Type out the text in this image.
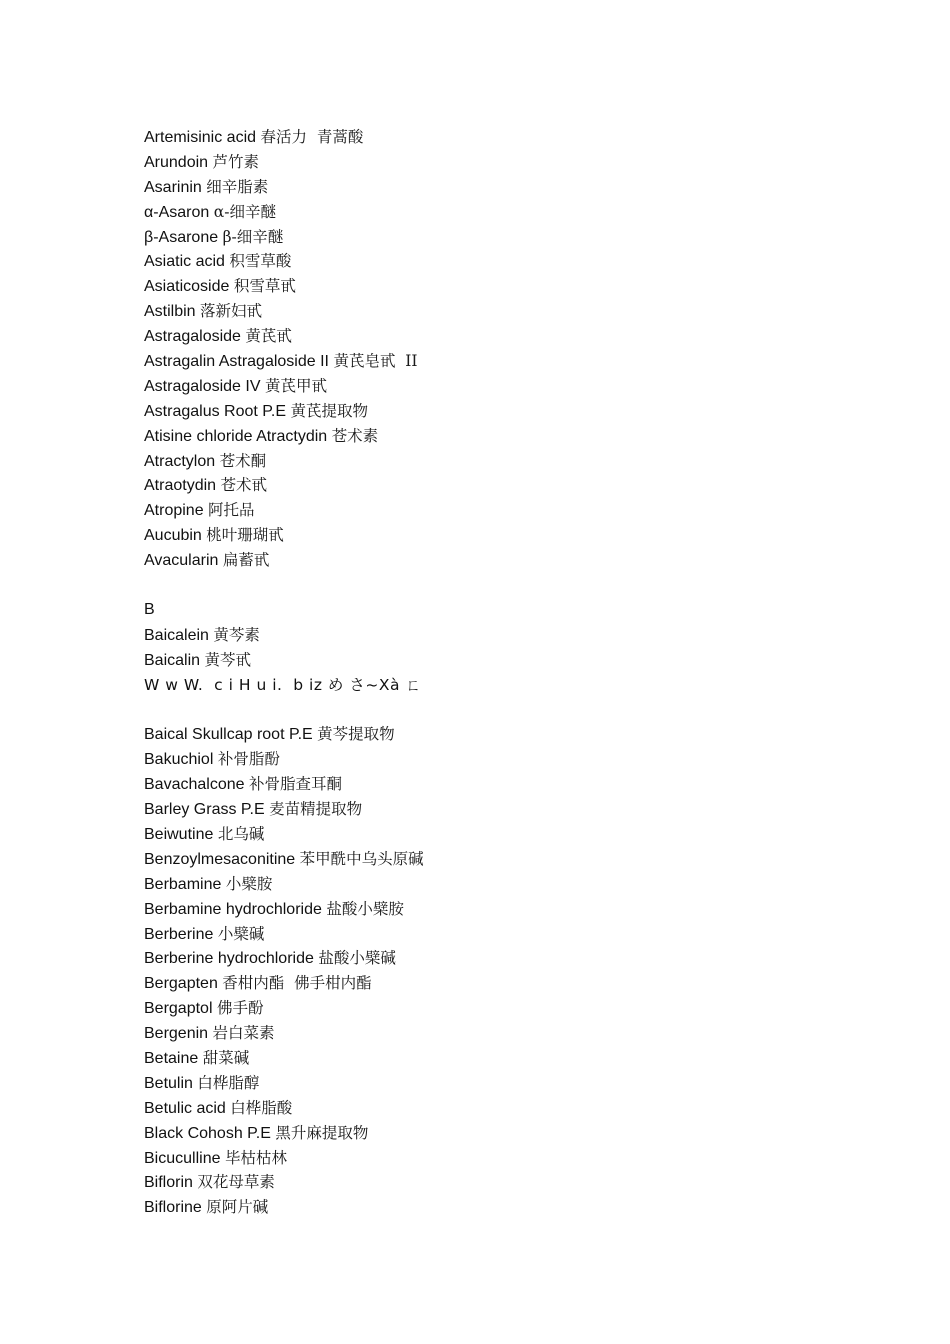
Artemisinic acid 春活力  青蒿酸
Arundoin 芦竹素
Asarinin 细辛脂素
α-Asaron α-细辛醚
β-Asarone β-细辛醚
Asiatic acid 积雪草酸
Asiaticoside 积雪草甙
Astilbin 落新妇甙
Astragaloside 黄芪甙
Astragalin Astragaloside II 黄芪皂甙  II
Astragaloside IV 黄芪甲甙
Astragalus Root P.E 黄芪提取物
Atisine chloride Atractydin 苍术素
Atractylon 苍术酮
Atraotydin 苍术甙
Atropine 阿托品
Aucubin 桃叶珊瑚甙
Avacularin 扁蓄甙
B
Baicalein 黄芩素
Baicalin 黄芩甙
W w W.  c i H u i.  b iz め さ~Xà ㄈ
Baical Skullcap root P.E 黄芩提取物
Bakuchiol 补骨脂酚
Bavachalcone 补骨脂查耳酮
Barley Grass P.E 麦苗精提取物
Beiwutine 北乌碱
Benzoylmesaconitine 苯甲酰中乌头原碱
Berbamine 小檗胺
Berbamine hydrochloride 盐酸小檗胺
Berberine 小檗碱
Berberine hydrochloride 盐酸小檗碱
Bergapten 香柑内酯  佛手柑内酯
Bergaptol 佛手酚
Bergenin 岩白菜素
Betaine 甜菜碱
Betulin 白桦脂醇
Betulic acid 白桦脂酸
Black Cohosh P.E 黑升麻提取物
Bicuculline 毕枯枯林
Biflorin 双花母草素
Biflorine 原阿片碱
